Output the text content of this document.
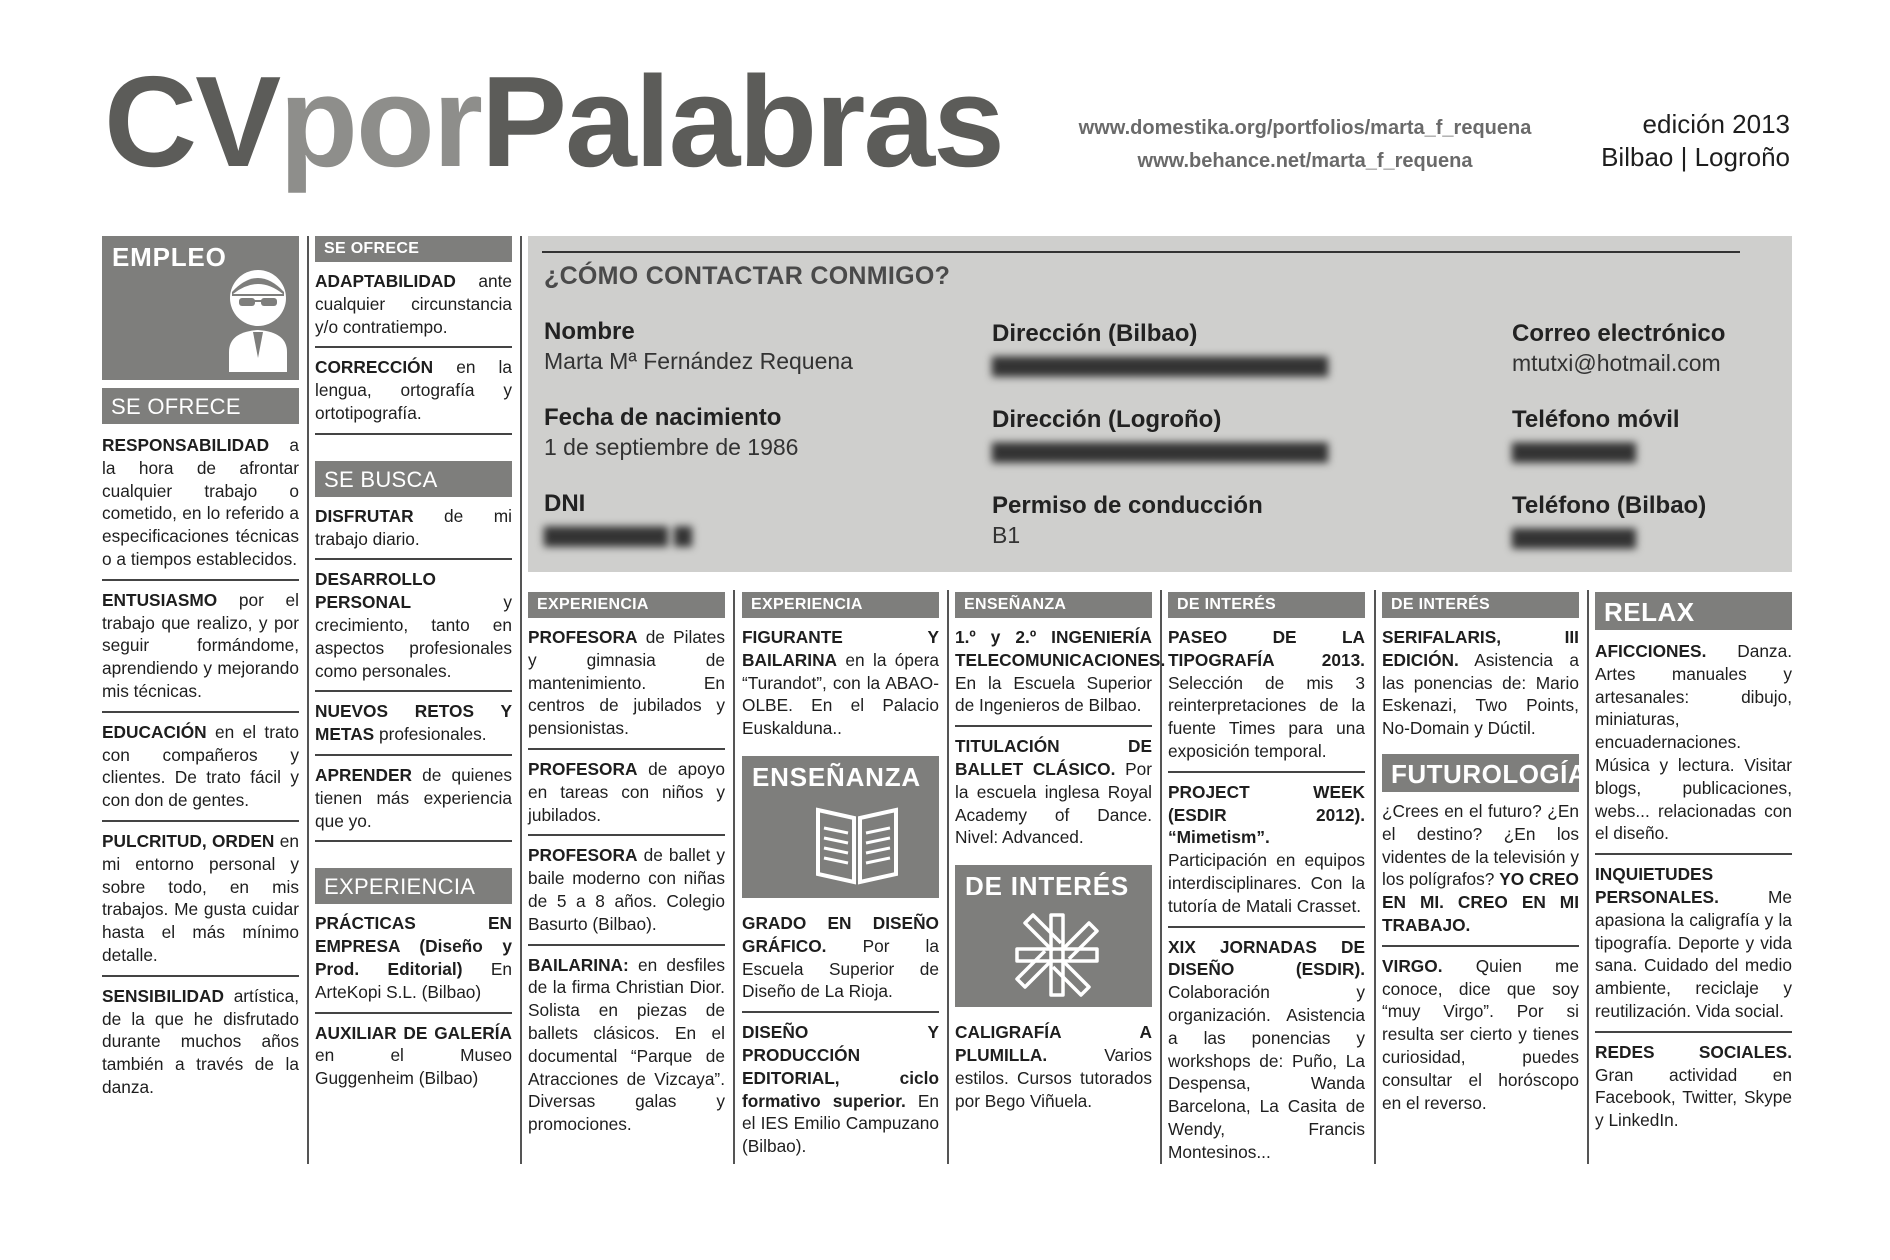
CVporPalabras	www.domestika.org/portfolios/marta_f_requena
www.behance.net/marta_f_requena
edición 2013
Bilbao | Logroño
EMPLEO
SE OFRECE
RESPONSABILIDAD a la hora de afrontar cualquier trabajo o cometido, en lo referido a especificaciones técnicas o a tiempos establecidos.
ENTUSIASMO por el trabajo que realizo, y por seguir formándome, aprendiendo y mejorando mis técnicas.
EDUCACIÓN en el trato con compañeros y clientes. De trato fácil y con don de gentes.
PULCRITUD, ORDEN en mi entorno personal y sobre todo, en mis trabajos. Me gusta cuidar hasta el más mínimo detalle.
SENSIBILIDAD artística, de la que he disfrutado durante muchos años también a través de la danza.
SE OFRECE
ADAPTABILIDAD ante cualquier circunstancia y/o contratiempo.
CORRECCIÓN en la lengua, ortografía y ortotipografía.
SE BUSCA
DISFRUTAR de mi trabajo diario.
DESARROLLO PERSONAL	y crecimiento, tanto en aspectos profesionales como personales.
NUEVOS RETOS Y METAS profesionales.
APRENDER de quienes tienen más experiencia que yo.
EXPERIENCIA
PRÁCTICAS EN EMPRESA (Diseño y Prod. Editorial) En ArteKopi S.L. (Bilbao)
AUXILIAR DE GALERÍA en el Museo Guggenheim (Bilbao)
¿CÓMO CONTACTAR CONMIGO?
Nombre
Marta Mª Fernández Requena
Fecha de nacimiento
1 de septiembre de 1986
DNI
▆▆▆▆▆▆▆ ▆
Dirección (Bilbao)
▆▆▆▆▆▆▆▆▆▆▆▆▆▆▆▆▆▆▆
Dirección (Logroño)
▆▆▆▆▆▆▆▆▆▆▆▆▆▆▆▆▆▆▆
Permiso de conducción
B1
Correo electrónico
mtutxi@hotmail.com
Teléfono móvil
▆▆▆▆▆▆▆
Teléfono (Bilbao)
▆▆▆▆▆▆▆
EXPERIENCIA
PROFESORA de Pilates y gimnasia de mantenimiento. En centros de jubilados y pensionistas.
PROFESORA de apoyo en tareas con niños y jubilados.
PROFESORA de ballet y baile moderno con niñas de 5 a 8 años. Colegio Basurto (Bilbao).
BAILARINA: en desfiles de la firma Christian Dior. Solista en piezas de ballets clásicos. En el documental “Parque de Atracciones de Vizcaya”. Diversas galas y promociones.
EXPERIENCIA
FIGURANTE Y BAILARINA en la ópera “Turandot”, con la ABAO-OLBE. En el Palacio Euskalduna..
ENSEÑANZA
GRADO EN DISEÑO GRÁFICO. Por la Escuela Superior de Diseño de La Rioja.
DISEÑO Y PRODUCCIÓN EDITORIAL, ciclo formativo superior. En el IES Emilio Campuzano (Bilbao).
ENSEÑANZA
1.º y 2.º INGENIERÍA TELECOMUNICACIONES. En la Escuela Superior de Ingenieros de Bilbao.
TITULACIÓN DE BALLET CLÁSICO. Por la escuela inglesa Royal Academy of Dance. Nivel: Advanced.
DE INTERÉS
CALIGRAFÍA A PLUMILLA.	Varios estilos. Cursos tutorados por Bego Viñuela.
DE INTERÉS
PASEO DE LA TIPOGRAFÍA 2013. Selección de mis 3 reinterpretaciones de la fuente Times para una exposición temporal.
PROJECT WEEK (ESDIR 2012). “Mimetism”. Participación en equipos interdisciplinares. Con la tutoría de Matali Crasset.
XIX JORNADAS DE DISEÑO (ESDIR). Colaboración y organización. Asistencia a las ponencias y workshops de: Puño, La Despensa, Wanda Barcelona, La Casita de Wendy, Francis Montesinos...
DE INTERÉS
SERIFALARIS, III EDICIÓN. Asistencia a las ponencias de: Mario Eskenazi, Two Points, No-Domain y Dúctil.
FUTUROLOGÍA
¿Crees en el futuro? ¿En el destino? ¿En los videntes de la televisión y los polígrafos? YO CREO EN MI. CREO EN MI TRABAJO.
VIRGO. Quien me conoce, dice que soy “muy Virgo”. Por si resulta ser cierto y tienes curiosidad, puedes consultar el horóscopo en el reverso.
RELAX
AFICCIONES. Danza. Artes manuales y artesanales: dibujo, miniaturas, encuadernaciones. Música y lectura. Visitar blogs, publicaciones, webs... relacionadas con el diseño.
INQUIETUDES PERSONALES.	Me apasiona la caligrafía y la tipografía. Deporte y vida sana. Cuidado del medio ambiente, reciclaje y reutilización. Vida social.
REDES SOCIALES. Gran actividad en Facebook, Twitter, Skype y LinkedIn.
